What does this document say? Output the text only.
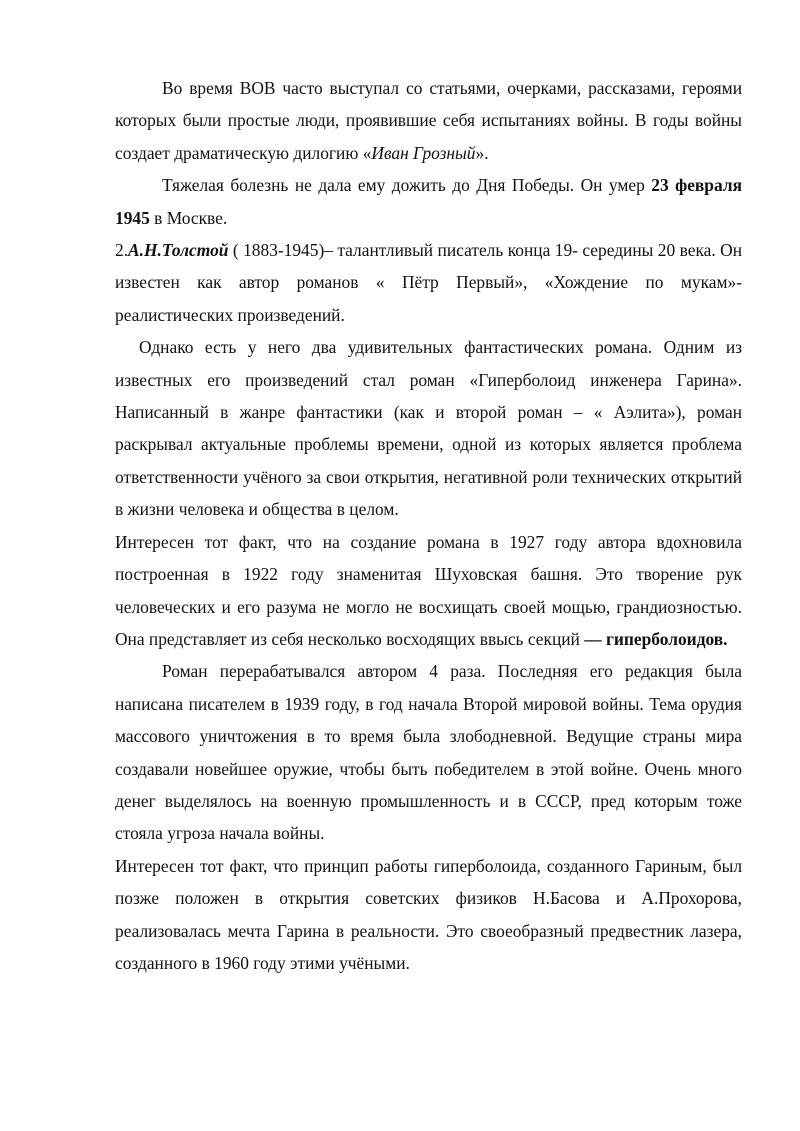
Во время ВОВ часто выступал со статьями, очерками, рассказами, героями которых были простые люди, проявившие себя испытаниях войны. В годы войны создает драматическую дилогию «Иван Грозный».

Тяжелая болезнь не дала ему дожить до Дня Победы. Он умер 23 февраля 1945 в Москве.

2.А.Н.Толстой ( 1883-1945)– талантливый писатель конца 19- середины 20 века. Он известен как автор романов « Пётр Первый», «Хождение по мукам»- реалистических произведений.

Однако есть у него два удивительных фантастических романа. Одним из известных его произведений стал роман «Гиперболоид инженера Гарина». Написанный в жанре фантастики (как и второй роман – « Аэлита»), роман раскрывал актуальные проблемы времени, одной из которых является проблема ответственности учёного за свои открытия, негативной роли технических открытий в жизни человека и общества в целом.

Интересен тот факт, что на создание романа в 1927 году автора вдохновила построенная в 1922 году знаменитая Шуховская башня. Это творение рук человеческих и его разума не могло не восхищать своей мощью, грандиозностью. Она представляет из себя несколько восходящих ввысь секций — гиперболоидов.

Роман перерабатывался автором 4 раза. Последняя его редакция была написана писателем в 1939 году, в год начала Второй мировой войны. Тема орудия массового уничтожения в то время была злободневной. Ведущие страны мира создавали новейшее оружие, чтобы быть победителем в этой войне. Очень много денег выделялось на военную промышленность и в СССР, пред которым тоже стояла угроза начала войны.

Интересен тот факт, что принцип работы гиперболоида, созданного Гариным, был позже положен в открытия советских физиков Н.Басова и А.Прохорова, реализовалась мечта Гарина в реальности. Это своеобразный предвестник лазера, созданного в 1960 году этими учёными.
